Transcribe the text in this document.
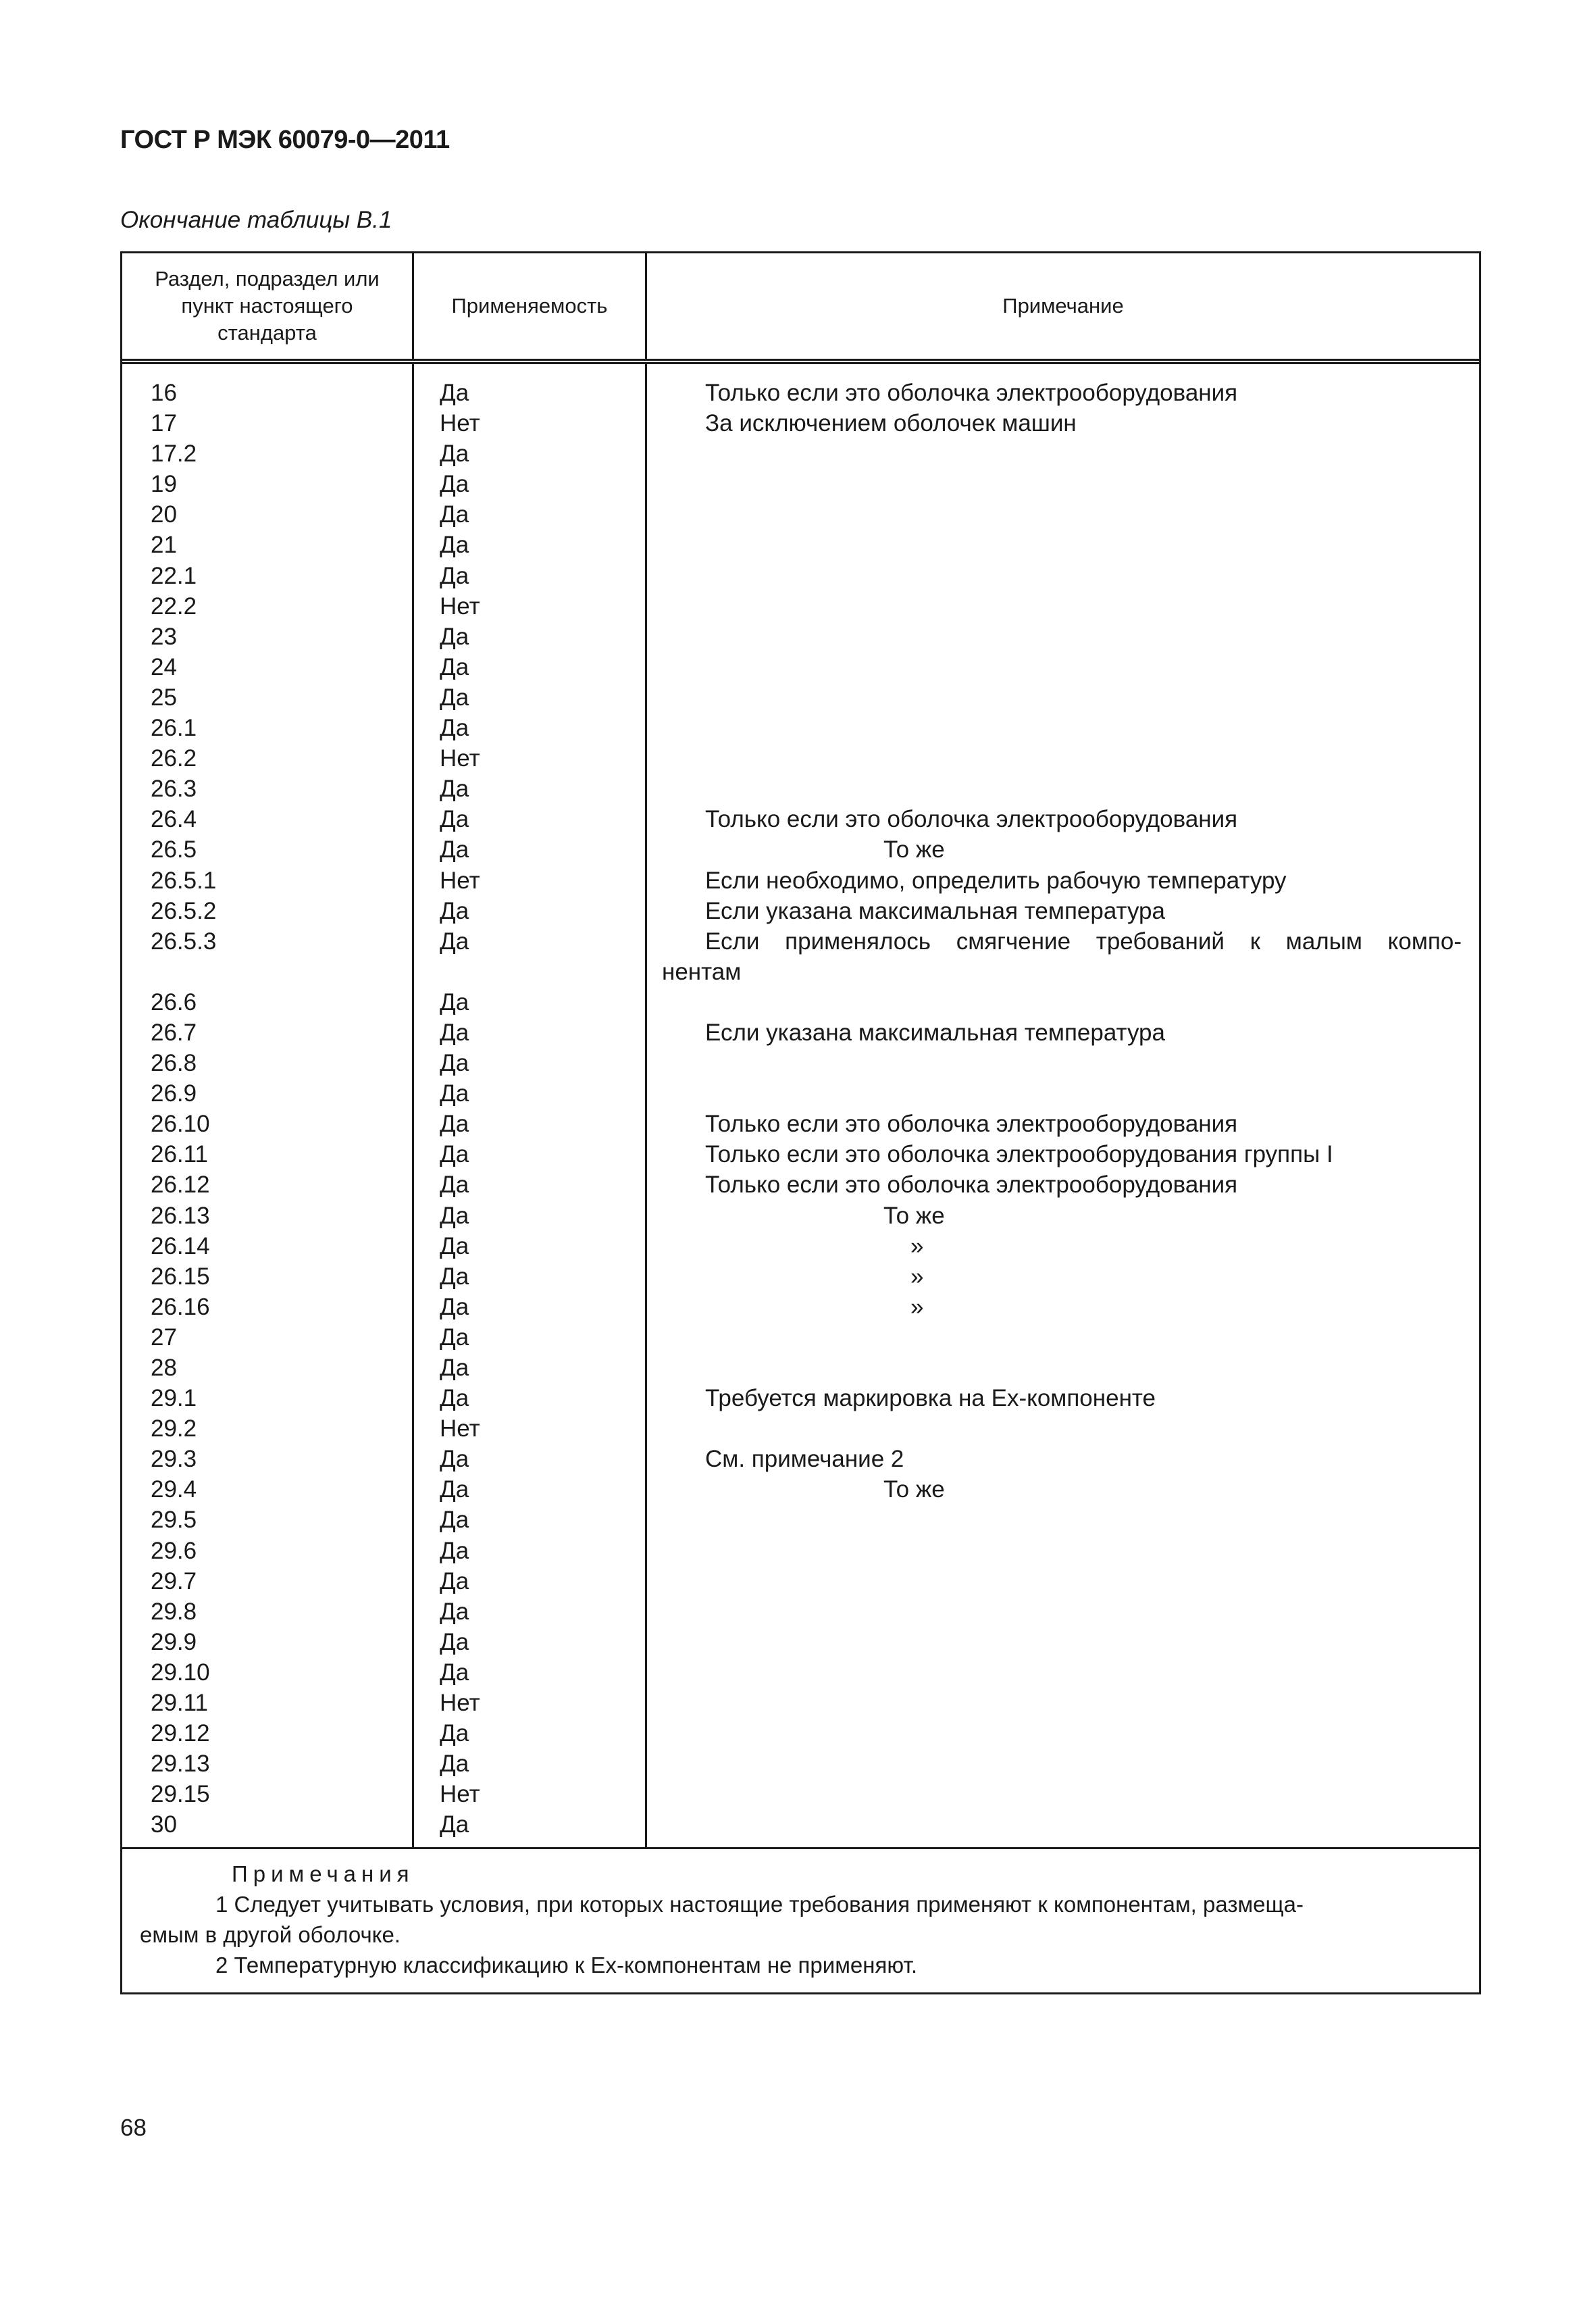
ГОСТ Р МЭК 60079-0—2011
Окончание таблицы В.1
Раздел, подраздел или пункт настоящего стандарта
Применяемость	Примечание
16
17
17.2
19
20
21
22.1
22.2
23
24
25
26.1
26.2
26.3
26.4
26.5
26.5.1
26.5.2
26.5.3
26.6
26.7
26.8
26.9
26.10
26.11
26.12
26.13
26.14
26.15
26.16
27
28
29.1
29.2
29.3
29.4
29.5
29.6
29.7
29.8
29.9
29.10
29.11
29.12
29.13
29.15
30
Да
Нет
Да
Да
Да
Да
Да
Нет
Да
Да
Да
Да
Нет
Да
Да
Да
Нет
Да
Да
Да
Да
Да
Да
Да
Да
Да
Да
Да
Да
Да
Да
Да
Да
Нет
Да
Да
Да
Да
Да
Да
Да
Да
Нет
Да
Да
Нет
Да
Только если это оболочка электрооборудования
За исключением оболочек машин
Только если это оболочка электрооборудования
То же
Если необходимо, определить рабочую температуру
Если указана максимальная температура
Если применялось смягчение требований к малым компо-
нентам
Если указана максимальная температура
Только если это оболочка электрооборудования
Только если это оболочка электрооборудования группы I
Только если это оболочка электрооборудования
То же
»
»
»
Требуется маркировка на Ex-компоненте
См. примечание 2
То же
Примечания
1 Следует учитывать условия, при которых настоящие требования применяют к компонентам, размеща-
емым в другой оболочке.
2 Температурную классификацию к Ex-компонентам не применяют.
68
